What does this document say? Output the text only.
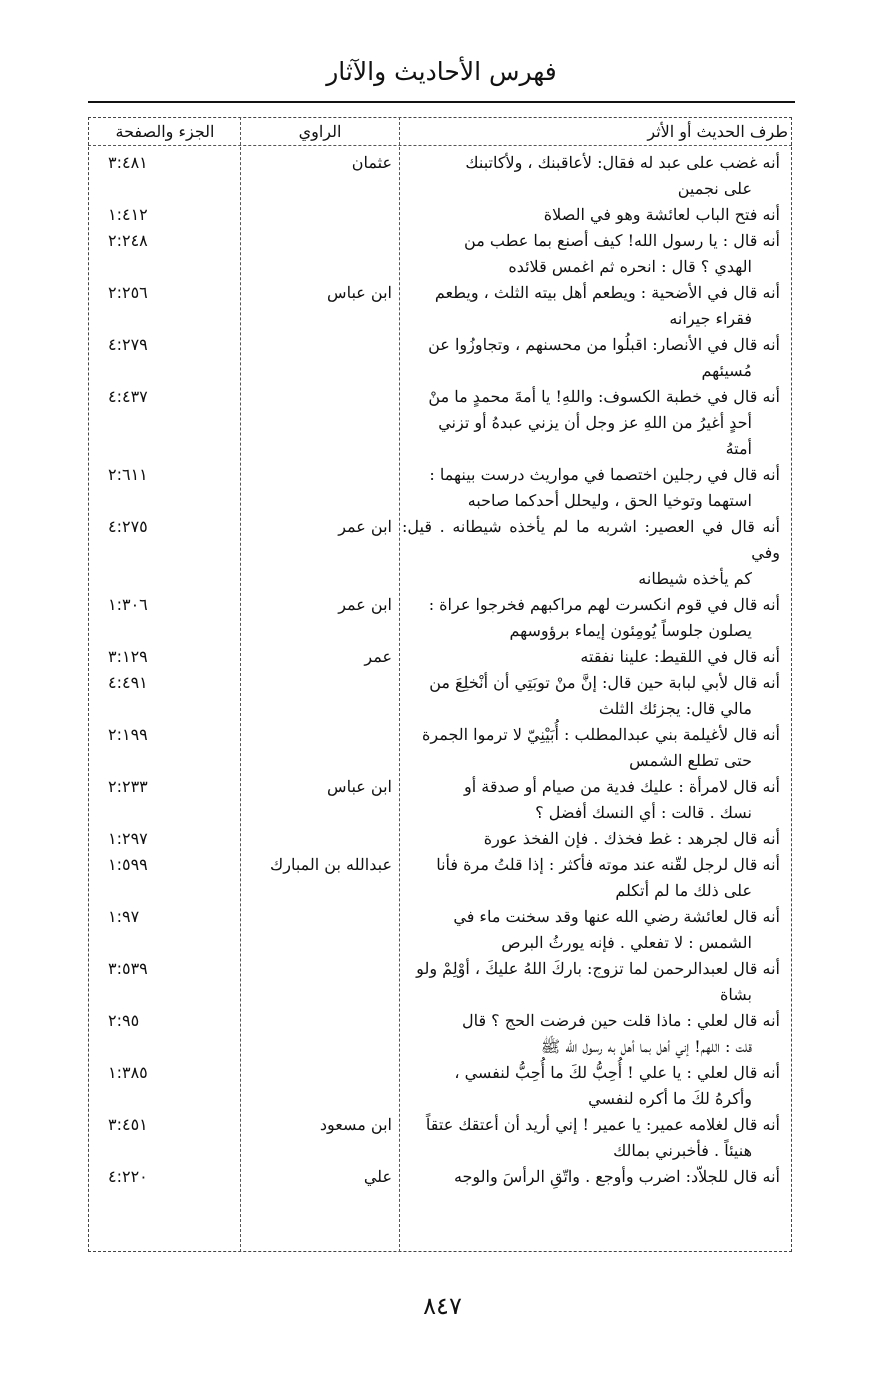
فهرس الأحاديث والآثار
طرف الحديث أو الأثر
الراوي
الجزء والصفحة
أنه غضب على عبد له فقال: لأعاقبنك ، ولأكاتبنك
على نجمين
عثمان
٣:٤٨١
أنه فتح الباب لعائشة وهو في الصلاة
١:٤١٢
أنه قال : يا رسول الله! كيف أصنع بما عطب من
الهدي ؟ قال : انحره ثم اغمس قلائده
٢:٢٤٨
أنه قال في الأضحية : ويطعم أهل بيته الثلث ، ويطعم
فقراء جيرانه
ابن عباس
٢:٢٥٦
أنه قال في الأنصار: اقبلُوا من محسنهم ، وتجاوزُوا عن
مُسيئهم
٤:٢٧٩
أنه قال في خطبة الكسوف: واللهِ! يا أمةَ محمدٍ ما منْ
أحدٍ أغيرُ من اللهِ عز وجل أن يزني عبدهُ أو تزني
أمتهُ
٤:٤٣٧
أنه قال في رجلين اختصما في مواريث درست بينهما :
استهما وتوخيا الحق ، وليحلل أحدكما صاحبه
٢:٦١١
أنه قال في العصير: اشربه ما لم يأخذه شيطانه . قيل: وفي
كم يأخذه شيطانه
ابن عمر
٤:٢٧٥
أنه قال في قوم انكسرت لهم مراكبهم فخرجوا عراة :
يصلون جلوساً يُومِئون إيماء برؤوسهم
ابن عمر
١:٣٠٦
أنه قال في اللقيط: علينا نفقته
عمر
٣:١٢٩
أنه قال لأبي لبابة حين قال: إنَّ منْ توبَتِي أن أنْخلِعَ من
مالي قال: يجزئك الثلث
٤:٤٩١
أنه قال لأغيلمة بني عبدالمطلب : أُبَيْنِيّ لا ترموا الجمرة
حتى تطلع الشمس
٢:١٩٩
أنه قال لامرأة : عليك فدية من صيام أو صدقة أو
نسك . قالت : أي النسك أفضل ؟
ابن عباس
٢:٢٣٣
أنه قال لجرهد : غط فخذك . فإن الفخذ عورة
١:٢٩٧
أنه قال لرجل لقّنه عند موته فأكثر : إذا قلتُ مرة فأنا
على ذلك ما لم أتكلم
عبدالله بن المبارك
١:٥٩٩
أنه قال لعائشة رضي الله عنها وقد سخنت ماء في
الشمس : لا تفعلي . فإنه يورثُ البرص
١:٩٧
أنه قال لعبدالرحمن لما تزوج: باركَ اللهُ عليكَ ، أوْلِمْ ولو
بشاة
٣:٥٣٩
أنه قال لعلي : ماذا قلت حين فرضت الحج ؟ قال
قلت : اللهم! إني أهل بما أهل به رسول الله ﷺ
٢:٩٥
أنه قال لعلي : يا علي ! أُحِبُّ لكَ ما أُحِبُّ لنفسي ،
وأكرهُ لكَ ما أكره لنفسي
١:٣٨٥
أنه قال لغلامه عمير: يا عمير ! إني أريد أن أعتقك عتقاً
هنيئاً . فأخبرني بمالك
ابن مسعود
٣:٤٥١
أنه قال للجلاّد: اضرب وأوجع . واتّقِ الرأسَ والوجه
علي
٤:٢٢٠
٨٤٧
